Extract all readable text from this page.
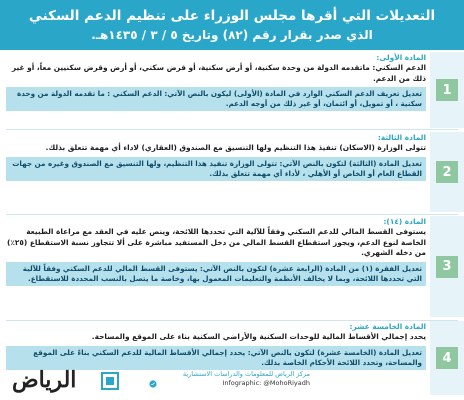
التعديلات التي أقرها مجلس الوزراء على تنظيم الدعم السكني
الذي صدر بقرار رقم (٨٢) وتاريخ ٥ / ٣ / ١٤٣٥هـ.
1
المادة الأولى:
الدعم السكني: ماتقدمه الدولة من وحدة سكنية، أو أرض سكنية، أو قرض سكني، أو أرض وقرض سكنيين معاً، أو غير ذلك من الدعم.
تعديل تعريف الدعم السكني الوارد في المادة (الأولى) ليكون بالنص الآتي: الدعم السكني : ما تقدمه الدولة من وحدة سكنية ، أو تمويل، أو ائتمان، أو غير ذلك من أوجه الدعم.
2
المادة الثالثة:
تتولى الوزارة (الاسكان) تنفيذ هذا التنظيم ولها التنسيق مع الصندوق (العقاري) لاداء أي مهمة تتعلق بذلك.
تعديل المادة (الثالثة) لتكون بالنص الآتي: تتولى الوزارة تنفيذ هذا التنظيم، ولها التنسيق مع الصندوق وغيره من جهات القطاع العام أو الخاص أو الأهلي ، لأداء أي مهمة تتعلق بذلك.
3
المادة (١٤):
يستوفى القسط المالي للدعم السكني وفقاً للآلية التي تحددها اللائحة، وينص عليه في العقد مع مراعاة الطبيعة الخاصة لنوع الدعم، ويجوز استقطاع القسط المالي من دخل المستفيد مباشرة على ألا تتجاوز نسبة الاستقطاع (٢٥٪) من دخله الشهري.
تعديل الفقرة (١) من المادة (الرابعة عشرة) لتكون بالنص الآتي: يستوفى القسط المالي للدعم السكني وفقاً للآلية التي تحددها اللائحة، وبما لا يخالف الأنظمة والتعليمات المعمول بها، وخاصة ما يتصل بالنسب المحددة للاستقطاع.
4
المادة الخامسة عشر:
يحدد إجمالي الأقساط المالية للوحدات السكنية والأراضي السكنية بناء على الموقع والمساحة.
تعديل المادة (الخامسة عشرة) لتكون بالنص الآتي: يحدد إجمالي الأقساط المالية للدعم السكني بناءً على الموقع والمساحة، وتحدد اللائحة الأحكام الخاصة بذلك.
الرياض	مركز الرياض للمعلومات والدراسات الاستشارية
Infographic: @MohoRiyadh
